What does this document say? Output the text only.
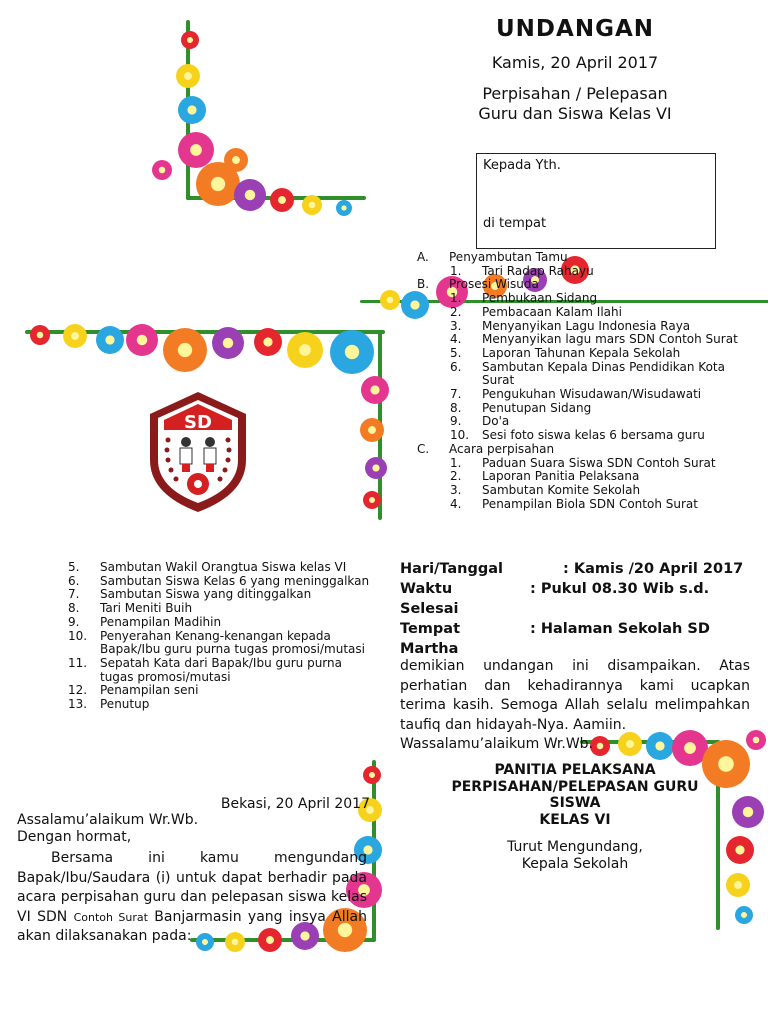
SD
UNDANGAN
Kamis, 20 April 2017
Perpisahan / Pelepasan
Guru dan Siswa Kelas VI
Kepada Yth.
di tempat
A. Penyambutan Tamu
1. Tari Radap Rahayu
B. Prosesi Wisuda
1. Pembukaan Sidang
2. Pembacaan Kalam Ilahi
3. Menyanyikan Lagu Indonesia Raya
4. Menyanyikan lagu mars SDN Contoh Surat
5. Laporan Tahunan Kepala Sekolah
6. Sambutan Kepala Dinas Pendidikan Kota Surat
7. Pengukuhan Wisudawan/Wisudawati
8. Penutupan Sidang
9. Do'a
10. Sesi foto siswa kelas 6 bersama guru
C. Acara perpisahan
1. Paduan Suara Siswa SDN Contoh Surat
2. Laporan Panitia Pelaksana
3. Sambutan Komite Sekolah
4. Penampilan Biola SDN Contoh Surat
5. Sambutan Wakil Orangtua Siswa kelas VI
6. Sambutan Siswa Kelas 6 yang meninggalkan
7. Sambutan Siswa yang ditinggalkan
8. Tari Meniti Buih
9. Penampilan Madihin
10. Penyerahan Kenang-kenangan kepada Bapak/Ibu guru purna tugas promosi/mutasi
11. Sepatah Kata dari Bapak/Ibu guru purna tugas promosi/mutasi
12. Penampilan seni
13. Penutup
Hari/Tanggal	: Kamis /20 April 2017
Waktu	: Pukul 08.30 Wib s.d.
Selesai
Tempat	: Halaman Sekolah SD
Martha
demikian undangan ini disampaikan. Atas perhatian dan kehadirannya kami ucapkan terima kasih. Semoga Allah selalu melimpahkan taufiq dan hidayah-Nya. Aamiin.
Wassalamu’alaikum Wr.Wb.
PANITIA PELAKSANA
PERPISAHAN/PELEPASAN GURU
SISWA
KELAS VI
Turut Mengundang,
Kepala Sekolah
Bekasi, 20 April 2017
Assalamu’alaikum Wr.Wb.
Dengan hormat,
Bersama ini kamu mengundang Bapak/Ibu/Saudara (i) untuk dapat berhadir pada acara perpisahan guru dan pelepasan siswa kelas VI SDN Contoh Surat Banjarmasin yang insya Allah akan dilaksanakan pada:
